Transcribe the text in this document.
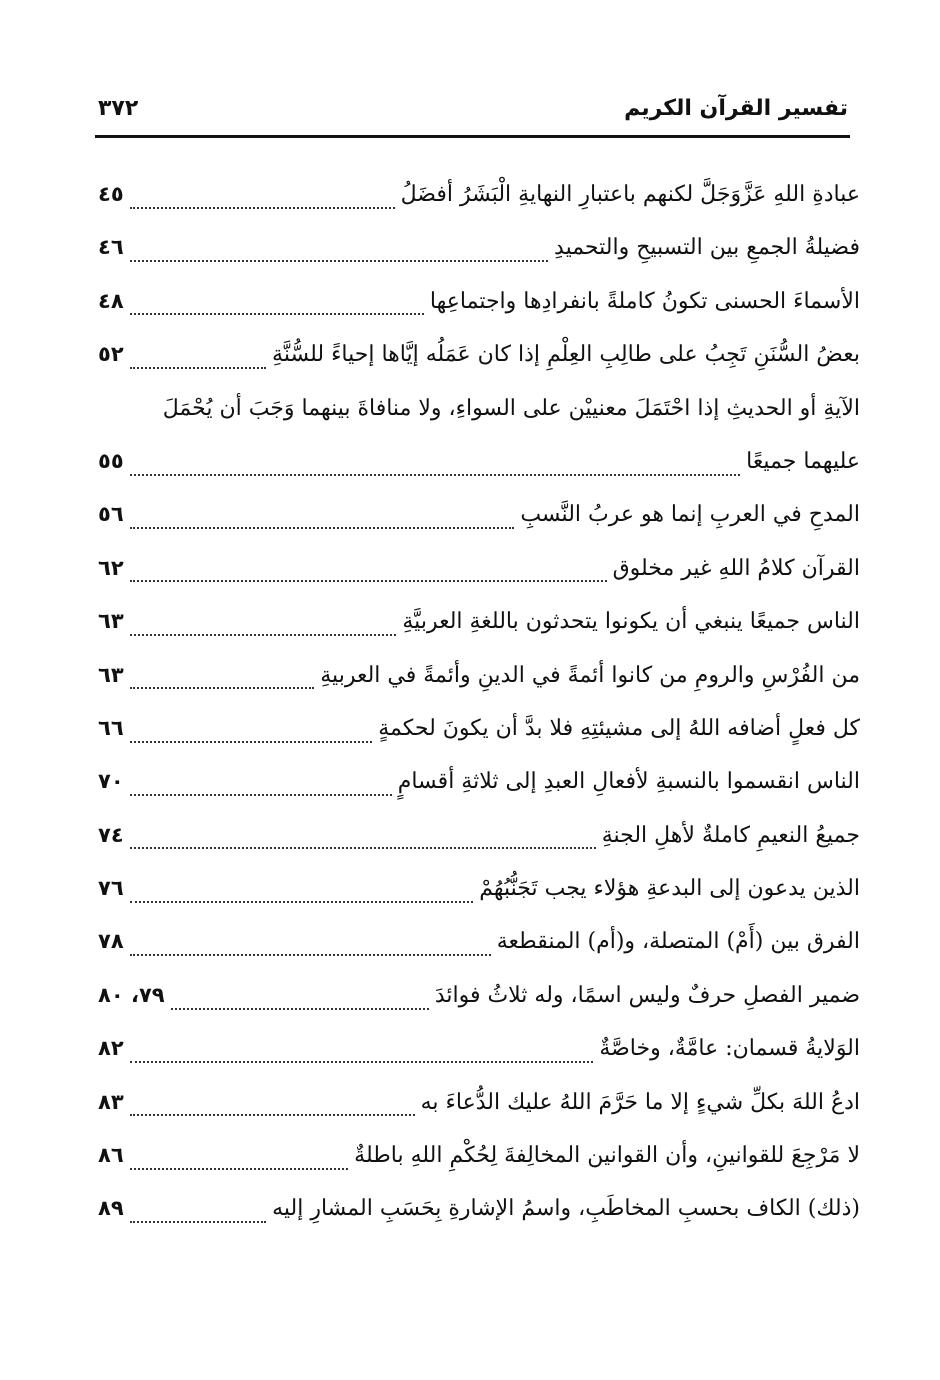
تفسير القرآن الكريم
٣٧٢
عبادةِ اللهِ عَزَّوَجَلَّ لكنهم باعتبارِ النهايةِ الْبَشَرُ أفضَلُ
٤٥
فضيلةُ الجمعِ بين التسبيحِ والتحميدِ
٤٦
الأسماءَ الحسنى تكونُ كاملةً بانفرادِها واجتماعِها
٤٨
بعضُ السُّنَنِ تَجِبُ على طالِبِ العِلْمِ إذا كان عَمَلُه إيَّاها إحياءً للسُّنَّةِ
٥٢
الآيةِ أو الحديثِ إذا احْتَمَلَ معنييْن على السواءِ، ولا منافاةَ بينهما وَجَبَ أن يُحْمَلَ
عليهما جميعًا
٥٥
المدحِ في العربِ إنما هو عربُ النَّسبِ
٥٦
القرآن كلامُ اللهِ غير مخلوق
٦٢
الناس جميعًا ينبغي أن يكونوا يتحدثون باللغةِ العربيَّةِ
٦٣
من الفُرْسِ والرومِ من كانوا أئمةً في الدينِ وأئمةً في العربيةِ
٦٣
كل فعلٍ أضافه اللهُ إلى مشيئتِهِ فلا بدَّ أن يكونَ لحكمةٍ
٦٦
الناس انقسموا بالنسبةِ لأفعالِ العبدِ إلى ثلاثةِ أقسامٍ
٧٠
جميعُ النعيمِ كاملةٌ لأهلِ الجنةِ
٧٤
الذين يدعون إلى البدعةِ هؤلاء يجب تَجَنُّبُهُمْ
٧٦
الفرق بين (أَمْ) المتصلة، و(أم) المنقطعة
٧٨
ضمير الفصلِ حرفٌ وليس اسمًا، وله ثلاثُ فوائدَ
٧٩، ٨٠
الوَلايةُ قسمان: عامَّةٌ، وخاصَّةٌ
٨٢
ادعُ اللهَ بكلِّ شيءٍ إلا ما حَرَّمَ اللهُ عليك الدُّعاءَ به
٨٣
لا مَرْجِعَ للقوانينِ، وأن القوانين المخالِفةَ لِحُكْمِ اللهِ باطلةٌ
٨٦
(ذلك) الكاف بحسبِ المخاطَبِ، واسمُ الإشارةِ بِحَسَبِ المشارِ إليه
٨٩
